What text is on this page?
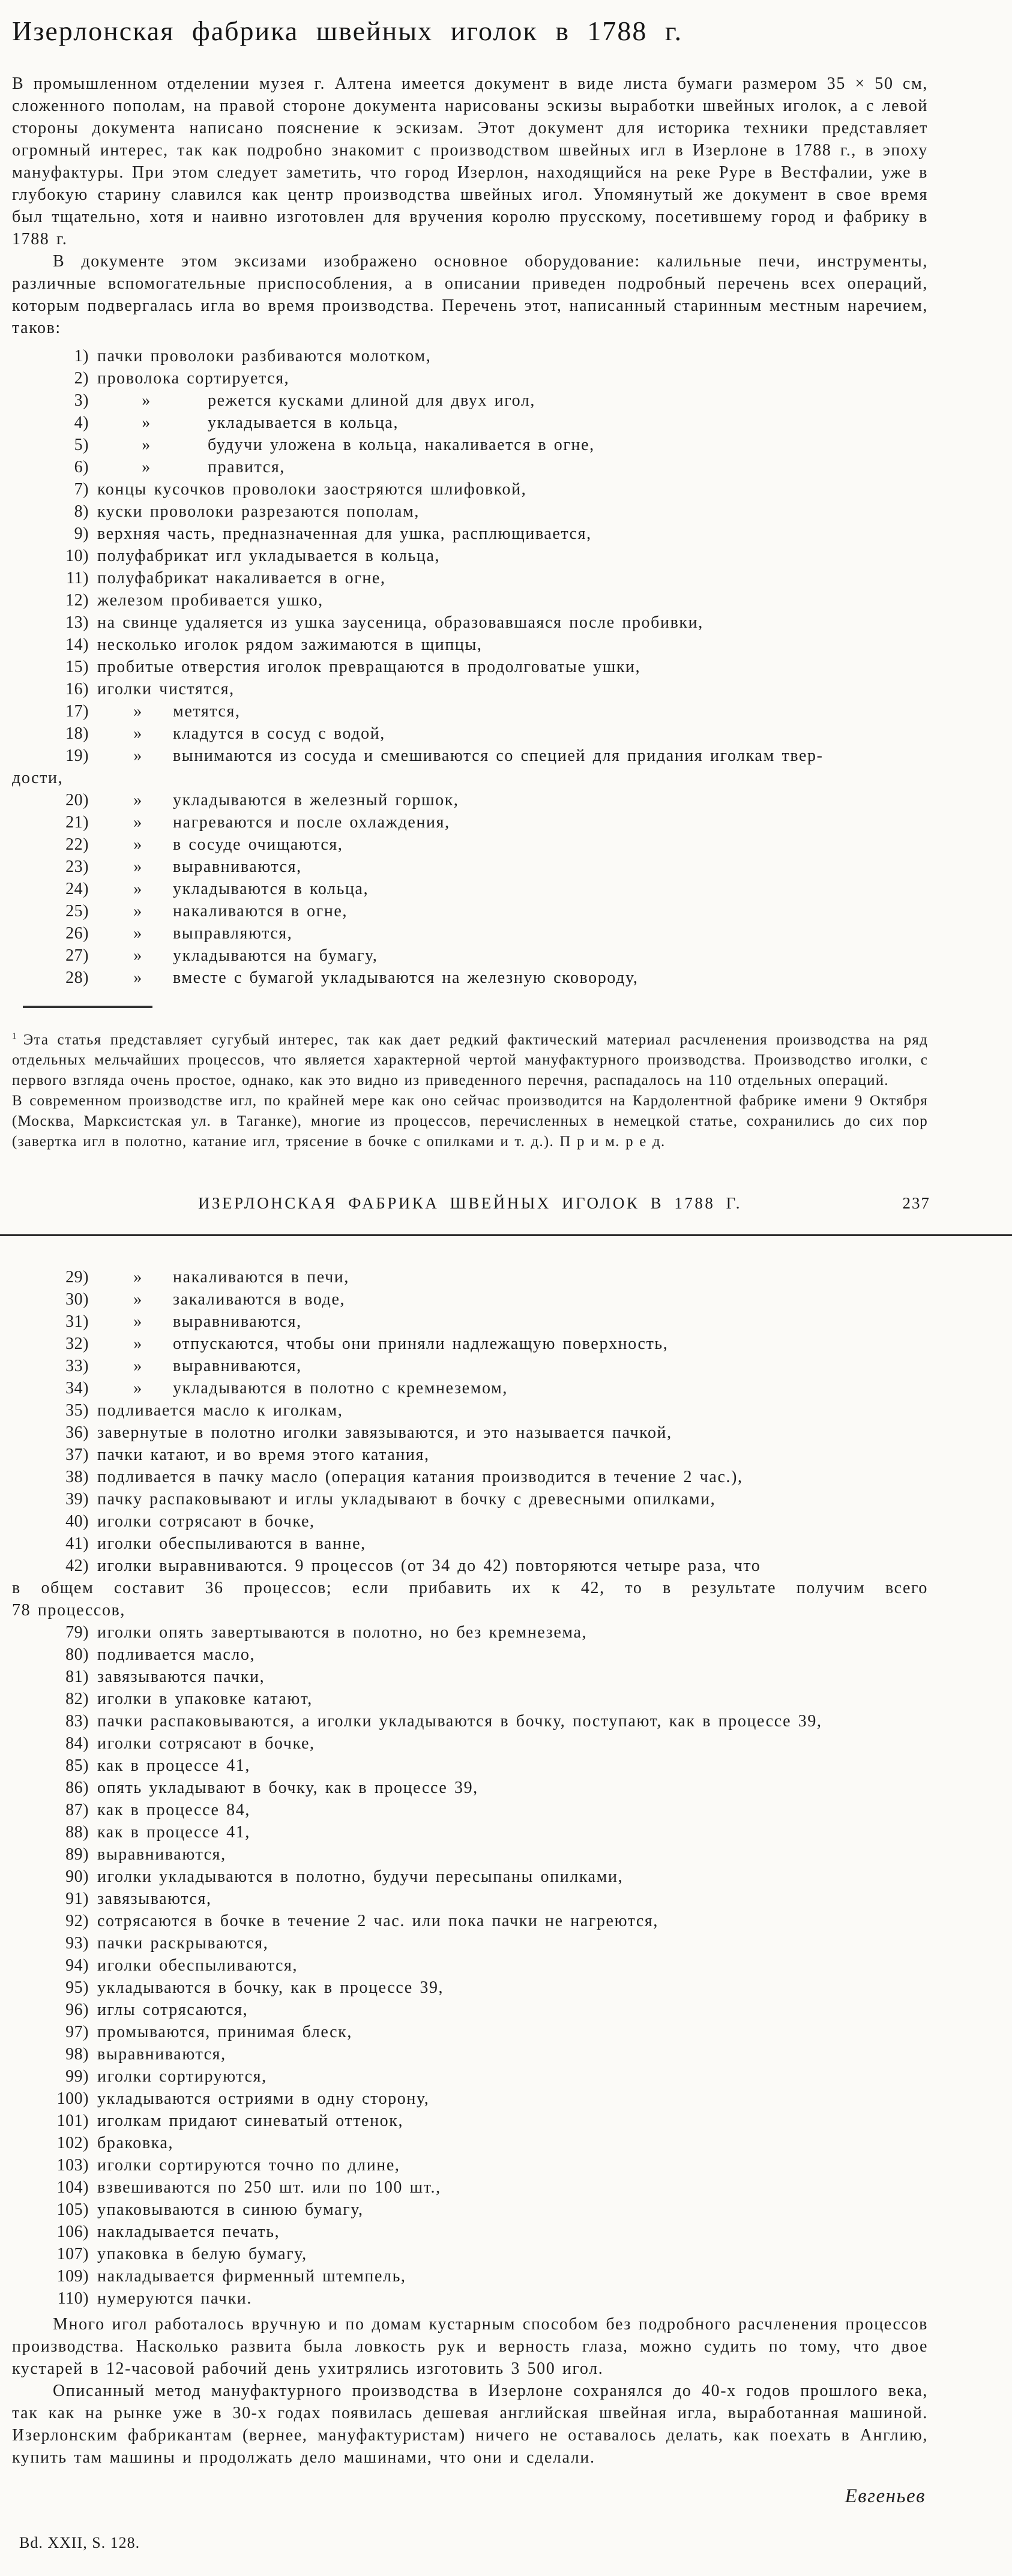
Изерлонская фабрика швейных иголок в 1788 г.

В промышленном отделении музея г. Алтена имеется документ в виде листа бумаги размером 35 × 50 см, сложенного пополам, на правой стороне документа нарисованы эскизы выработки швейных иголок, а с левой стороны документа написано пояснение к эскизам. Этот документ для историка техники представляет огромный интерес, так как подробно знакомит с производством швейных игл в Изерлоне в 1788 г., в эпоху мануфактуры. При этом следует заметить, что город Изерлон, находящийся на реке Руре в Вестфалии, уже в глубокую старину славился как центр производства швейных игол. Упомянутый же документ в свое время был тщательно, хотя и наивно изготовлен для вручения королю прусскому, посетившему город и фабрику в 1788 г.

В документе этом эксизами изображено основное оборудование: калильные печи, инструменты, различные вспомогательные приспособления, а в описании приведен подробный перечень всех операций, которым подвергалась игла во время производства. Перечень этот, написанный старинным местным наречием, таков:

1) пачки проволоки разбиваются молотком,
2) проволока сортируется,
3)	»	режется кусками длиной для двух игол,
4)	»	укладывается в кольца,
5)	»	будучи уложена в кольца, накаливается в огне,
6)	»	правится,
7) концы кусочков проволоки заостряются шлифовкой,
8) куски проволоки разрезаются пополам,
9) верхняя часть, предназначенная для ушка, расплющивается,
10) полуфабрикат игл укладывается в кольца,
11) полуфабрикат накаливается в огне,
12) железом пробивается ушко,
13) на свинце удаляется из ушка заусеница, образовавшаяся после пробивки,
14) несколько иголок рядом зажимаются в щипцы,
15) пробитые отверстия иголок превращаются в продолговатые ушки,
16) иголки чистятся,
17)	» метятся,
18)	» кладутся в сосуд с водой,
19)	» вынимаются из сосуда и смешиваются со специей для придания иголкам твер-
дости,
20)	» укладываются в железный горшок,
21)	» нагреваются и после охлаждения,
22)	» в сосуде очищаются,
23)	» выравниваются,
24)	» укладываются в кольца,
25)	» накаливаются в огне,
26)	» выправляются,
27)	» укладываются на бумагу,
28)	» вместе с бумагой укладываются на железную сковороду,

$^1$ Эта статья представляет сугубый интерес, так как дает редкий фактический материал расчленения производства на ряд отдельных мельчайших процессов, что является характерной чертой мануфактурного производства. Производство иголки, с первого взгляда очень простое, однако, как это видно из приведенного перечня, распадалось на 110 отдельных операций.

В современном производстве игл, по крайней мере как оно сейчас производится на Кардолентной фабрике имени 9 Октября (Москва, Марксистская ул. в Таганке), многие из процессов, перечисленных в немецкой статье, сохранились до сих пор (завертка игл в полотно, катание игл, трясение в бочке с опилками и т. д.). П р и м. р е д.

ИЗЕРЛОНСКАЯ ФАБРИКА ШВЕЙНЫХ ИГОЛОК В 1788 Г.	237
29)	» накаливаются в печи,
30)	» закаливаются в воде,
31)	» выравниваются,
32)	» отпускаются, чтобы они приняли надлежащую поверхность,
33)	» выравниваются,
34)	» укладываются в полотно с кремнеземом,
35) подливается масло к иголкам,
36) завернутые в полотно иголки завязываются, и это называется пачкой,
37) пачки катают, и во время этого катания,
38) подливается в пачку масло (операция катания производится в течение 2 час.),
39) пачку распаковывают и иглы укладывают в бочку с древесными опилками,
40) иголки сотрясают в бочке,
41) иголки обеспыливаются в ванне,
42) иголки выравниваются. 9 процессов (от 34 до 42) повторяются четыре раза, что
в общем составит 36 процессов; если прибавить их к 42, то в результате получим всего
78 процессов,
79) иголки опять завертываются в полотно, но без кремнезема,
80) подливается масло,
81) завязываются пачки,
82) иголки в упаковке катают,
83) пачки распаковываются, а иголки укладываются в бочку, поступают, как в процессе 39,
84) иголки сотрясают в бочке,
85) как в процессе 41,
86) опять укладывают в бочку, как в процессе 39,
87) как в процессе 84,
88) как в процессе 41,
89) выравниваются,
90) иголки укладываются в полотно, будучи пересыпаны опилками,
91) завязываются,
92) сотрясаются в бочке в течение 2 час. или пока пачки не нагреются,
93) пачки раскрываются,
94) иголки обеспыливаются,
95) укладываются в бочку, как в процессе 39,
96) иглы сотрясаются,
97) промываются, принимая блеск,
98) выравниваются,
99) иголки сортируются,
100) укладываются остриями в одну сторону,
101) иголкам придают синеватый оттенок,
102) браковка,
103) иголки сортируются точно по длине,
104) взвешиваются по 250 шт. или по 100 шт.,
105) упаковываются в синюю бумагу,
106) накладывается печать,
107) упаковка в белую бумагу,
109) накладывается фирменный штемпель,
110) нумеруются пачки.

Много игол работалось вручную и по домам кустарным способом без подробного расчленения процессов производства. Насколько развита была ловкость рук и верность глаза, можно судить по тому, что двое кустарей в 12-часовой рабочий день ухитрялись изготовить 3 500 игол.

Описанный метод мануфактурного производства в Изерлоне сохранялся до 40-х годов прошлого века, так как на рынке уже в 30-х годах появилась дешевая английская швейная игла, выработанная машиной. Изерлонским фабрикантам (вернее, мануфактуристам) ничего не оставалось делать, как поехать в Англию, купить там машины и продолжать дело машинами, что они и сделали.

Евгеньев
Bd. XXII, S. 128.
